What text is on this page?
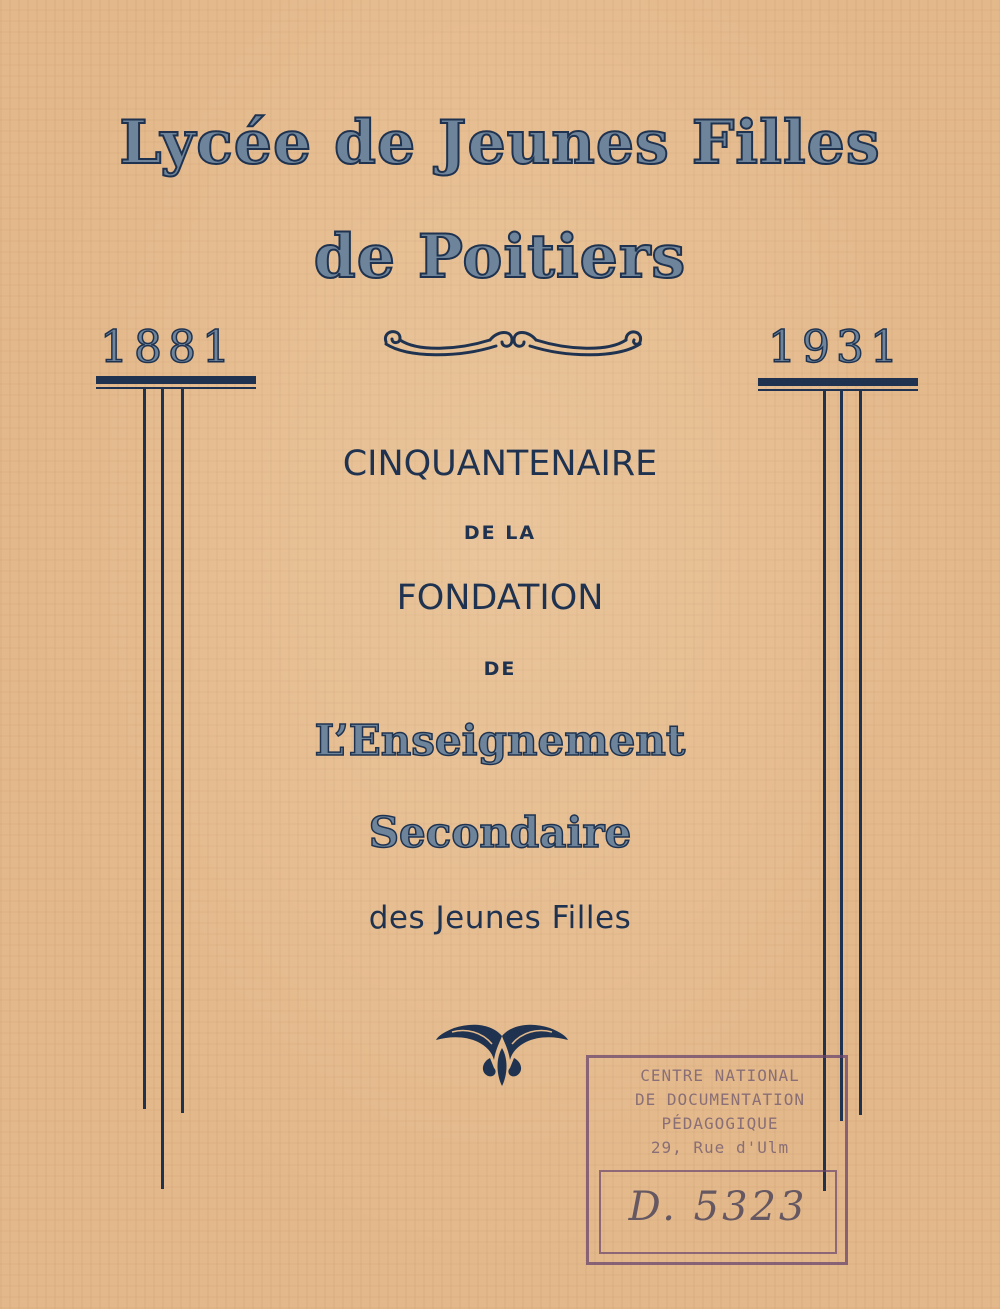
Lycée de Jeunes Filles
de Poitiers
1881	1931
CINQUANTENAIRE
DE LA
FONDATION
DE
L’Enseignement
Secondaire
des Jeunes Filles
CENTRE NATIONAL
DE DOCUMENTATION
PÉDAGOGIQUE
29, Rue d'Ulm
D. 5323
